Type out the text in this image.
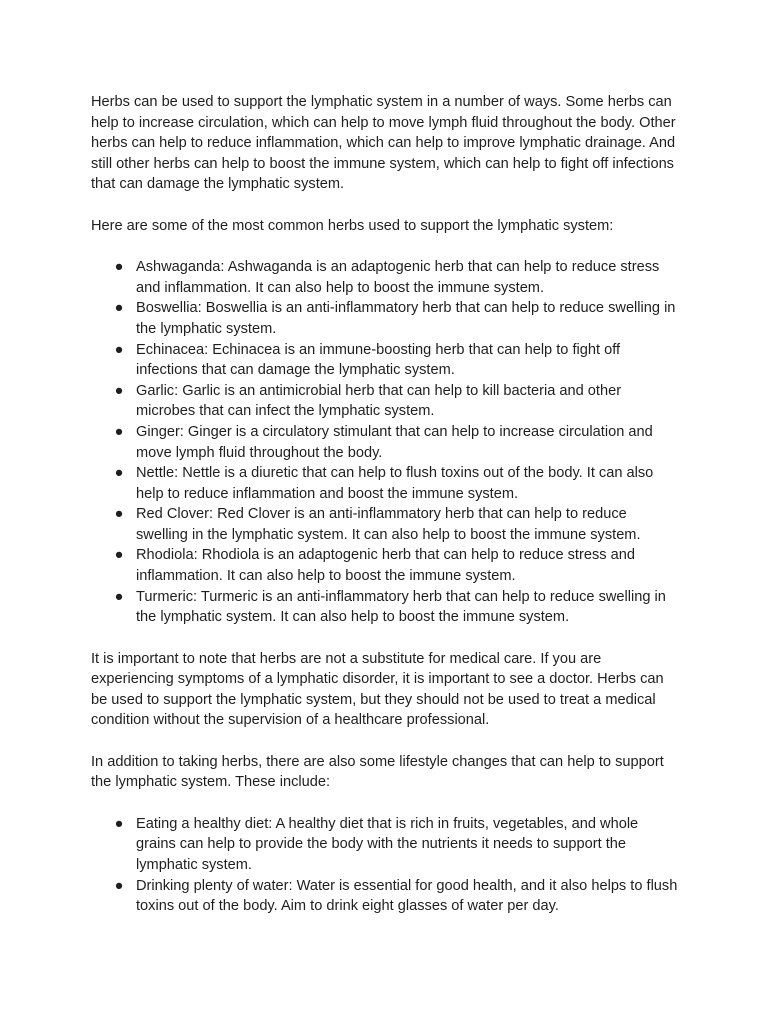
Herbs can be used to support the lymphatic system in a number of ways. Some herbs can help to increase circulation, which can help to move lymph fluid throughout the body. Other herbs can help to reduce inflammation, which can help to improve lymphatic drainage. And still other herbs can help to boost the immune system, which can help to fight off infections that can damage the lymphatic system.

Here are some of the most common herbs used to support the lymphatic system:

● Ashwaganda: Ashwaganda is an adaptogenic herb that can help to reduce stress and inflammation. It can also help to boost the immune system.
● Boswellia: Boswellia is an anti-inflammatory herb that can help to reduce swelling in the lymphatic system.
● Echinacea: Echinacea is an immune-boosting herb that can help to fight off infections that can damage the lymphatic system.
● Garlic: Garlic is an antimicrobial herb that can help to kill bacteria and other microbes that can infect the lymphatic system.
● Ginger: Ginger is a circulatory stimulant that can help to increase circulation and move lymph fluid throughout the body.
● Nettle: Nettle is a diuretic that can help to flush toxins out of the body. It can also help to reduce inflammation and boost the immune system.
● Red Clover: Red Clover is an anti-inflammatory herb that can help to reduce swelling in the lymphatic system. It can also help to boost the immune system.
● Rhodiola: Rhodiola is an adaptogenic herb that can help to reduce stress and inflammation. It can also help to boost the immune system.
● Turmeric: Turmeric is an anti-inflammatory herb that can help to reduce swelling in the lymphatic system. It can also help to boost the immune system.

It is important to note that herbs are not a substitute for medical care. If you are experiencing symptoms of a lymphatic disorder, it is important to see a doctor. Herbs can be used to support the lymphatic system, but they should not be used to treat a medical condition without the supervision of a healthcare professional.

In addition to taking herbs, there are also some lifestyle changes that can help to support the lymphatic system. These include:

● Eating a healthy diet: A healthy diet that is rich in fruits, vegetables, and whole grains can help to provide the body with the nutrients it needs to support the lymphatic system.
● Drinking plenty of water: Water is essential for good health, and it also helps to flush toxins out of the body. Aim to drink eight glasses of water per day.
